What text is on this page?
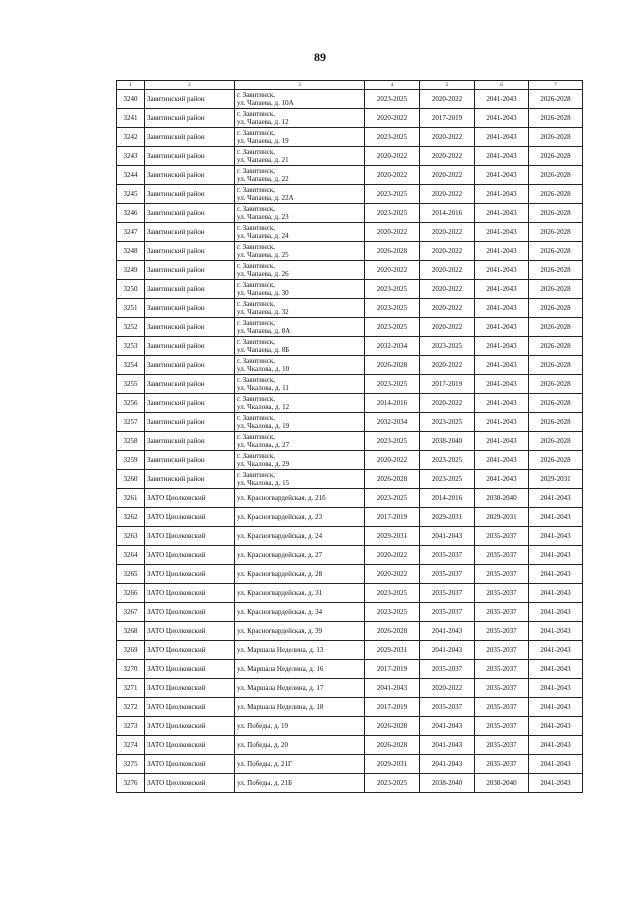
89
1	2	3	4	5	6	7
3240	Завитинский район	г. Завитинск,
ул. Чапаева, д. 10А	2023-2025	2020-2022	2041-2043	2026-2028
3241	Завитинский район	г. Завитинск,
ул. Чапаева, д. 12	2020-2022	2017-2019	2041-2043	2026-2028
3242	Завитинский район	г. Завитинск,
ул. Чапаева, д. 19	2023-2025	2020-2022	2041-2043	2026-2028
3243	Завитинский район	г. Завитинск,
ул. Чапаева, д. 21	2020-2022	2020-2022	2041-2043	2026-2028
3244	Завитинский район	г. Завитинск,
ул. Чапаева, д. 22	2020-2022	2020-2022	2041-2043	2026-2028
3245	Завитинский район	г. Завитинск,
ул. Чапаева, д. 22А	2023-2025	2020-2022	2041-2043	2026-2028
3246	Завитинский район	г. Завитинск,
ул. Чапаева, д. 23	2023-2025	2014-2016	2041-2043	2026-2028
3247	Завитинский район	г. Завитинск,
ул. Чапаева, д. 24	2020-2022	2020-2022	2041-2043	2026-2028
3248	Завитинский район	г. Завитинск,
ул. Чапаева, д. 25	2026-2028	2020-2022	2041-2043	2026-2028
3249	Завитинский район	г. Завитинск,
ул. Чапаева, д. 26	2020-2022	2020-2022	2041-2043	2026-2028
3250	Завитинский район	г. Завитинск,
ул. Чапаева, д. 30	2023-2025	2020-2022	2041-2043	2026-2028
3251	Завитинский район	г. Завитинск,
ул. Чапаева, д. 32	2023-2025	2020-2022	2041-2043	2026-2028
3252	Завитинский район	г. Завитинск,
ул. Чапаева, д. 8А	2023-2025	2020-2022	2041-2043	2026-2028
3253	Завитинский район	г. Завитинск,
ул. Чапаева, д. 8Б	2032-2034	2023-2025	2041-2043	2026-2028
3254	Завитинский район	г. Завитинск,
ул. Чкалова, д. 10	2026-2028	2020-2022	2041-2043	2026-2028
3255	Завитинский район	г. Завитинск,
ул. Чкалова, д. 11	2023-2025	2017-2019	2041-2043	2026-2028
3256	Завитинский район	г. Завитинск,
ул. Чкалова, д. 12	2014-2016	2020-2022	2041-2043	2026-2028
3257	Завитинский район	г. Завитинск,
ул. Чкалова, д. 19	2032-2034	2023-2025	2041-2043	2026-2028
3258	Завитинский район	г. Завитинск,
ул. Чкалова, д. 27	2023-2025	2038-2040	2041-2043	2026-2028
3259	Завитинский район	г. Завитинск,
ул. Чкалова, д. 29	2020-2022	2023-2025	2041-2043	2026-2028
3260	Завитинский район	г. Завитинск,
ул. Чкалова, д. 15	2026-2028	2023-2025	2041-2043	2029-2031
3261	ЗАТО Циолковский	ул. Красногвардейская, д. 21б	2023-2025	2014-2016	2038-2040	2041-2043
3262	ЗАТО Циолковский	ул. Красногвардейская, д. 23	2017-2019	2029-2031	2029-2031	2041-2043
3263	ЗАТО Циолковский	ул. Красногвардейская, д. 24	2029-2031	2041-2043	2035-2037	2041-2043
3264	ЗАТО Циолковский	ул. Красногвардейская, д. 27	2020-2022	2035-2037	2035-2037	2041-2043
3265	ЗАТО Циолковский	ул. Красногвардейская, д. 28	2020-2022	2035-2037	2035-2037	2041-2043
3266	ЗАТО Циолковский	ул. Красногвардейская, д. 31	2023-2025	2035-2037	2035-2037	2041-2043
3267	ЗАТО Циолковский	ул. Красногвардейская, д. 34	2023-2025	2035-2037	2035-2037	2041-2043
3268	ЗАТО Циолковский	ул. Красногвардейская, д. 39	2026-2028	2041-2043	2035-2037	2041-2043
3269	ЗАТО Циолковский	ул. Маршала Неделина, д. 13	2029-2031	2041-2043	2035-2037	2041-2043
3270	ЗАТО Циолковский	ул. Маршала Неделина, д. 16	2017-2019	2035-2037	2035-2037	2041-2043
3271	ЗАТО Циолковский	ул. Маршала Неделина, д. 17	2041-2043	2020-2022	2035-2037	2041-2043
3272	ЗАТО Циолковский	ул. Маршала Неделина, д. 18	2017-2019	2035-2037	2035-2037	2041-2043
3273	ЗАТО Циолковский	ул. Победы, д. 19	2026-2028	2041-2043	2035-2037	2041-2043
3274	ЗАТО Циолковский	ул. Победы, д. 20	2026-2028	2041-2043	2035-2037	2041-2043
3275	ЗАТО Циолковский	ул. Победы, д. 21Г	2029-2031	2041-2043	2035-2037	2041-2043
3276	ЗАТО Циолковский	ул. Победы, д. 21Б	2023-2025	2038-2040	2038-2040	2041-2043
